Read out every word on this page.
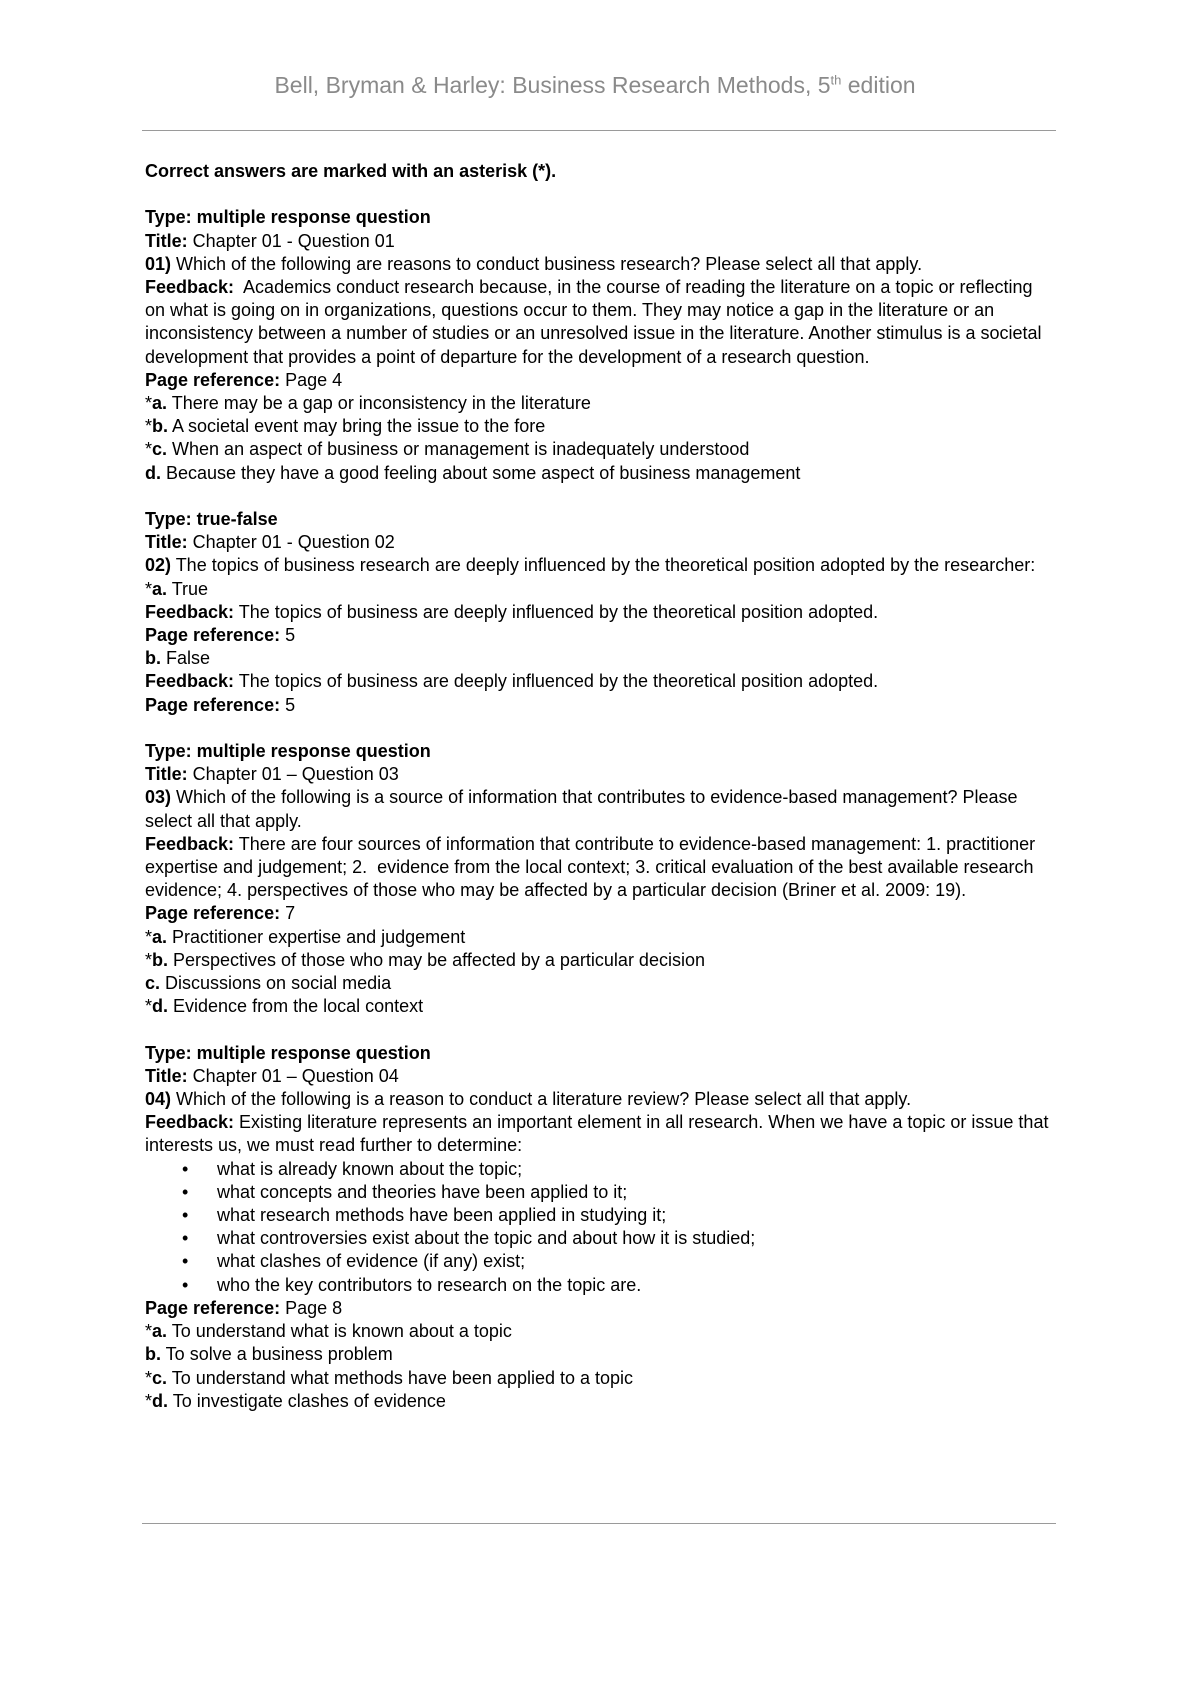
Bell, Bryman & Harley: Business Research Methods, 5th edition

Correct answers are marked with an asterisk (*).

Type: multiple response question

Title: Chapter 01 - Question 01

01) Which of the following are reasons to conduct business research? Please select all that apply.

Feedback:  Academics conduct research because, in the course of reading the literature on a topic or reflecting on what is going on in organizations, questions occur to them. They may notice a gap in the literature or an inconsistency between a number of studies or an unresolved issue in the literature. Another stimulus is a societal development that provides a point of departure for the development of a research question.

Page reference: Page 4

*a. There may be a gap or inconsistency in the literature

*b. A societal event may bring the issue to the fore

*c. When an aspect of business or management is inadequately understood

d. Because they have a good feeling about some aspect of business management

Type: true-false

Title: Chapter 01 - Question 02

02) The topics of business research are deeply influenced by the theoretical position adopted by the researcher:

*a. True

Feedback: The topics of business are deeply influenced by the theoretical position adopted.

Page reference: 5

b. False

Feedback: The topics of business are deeply influenced by the theoretical position adopted.

Page reference: 5

Type: multiple response question

Title: Chapter 01 – Question 03

03) Which of the following is a source of information that contributes to evidence-based management? Please select all that apply.

Feedback: There are four sources of information that contribute to evidence-based management: 1. practitioner expertise and judgement; 2.  evidence from the local context; 3. critical evaluation of the best available research evidence; 4. perspectives of those who may be affected by a particular decision (Briner et al. 2009: 19).

Page reference: 7

*a. Practitioner expertise and judgement

*b. Perspectives of those who may be affected by a particular decision

c. Discussions on social media

*d. Evidence from the local context

Type: multiple response question

Title: Chapter 01 – Question 04

04) Which of the following is a reason to conduct a literature review? Please select all that apply.

Feedback: Existing literature represents an important element in all research. When we have a topic or issue that interests us, we must read further to determine:

• what is already known about the topic;
• what concepts and theories have been applied to it;
• what research methods have been applied in studying it;
• what controversies exist about the topic and about how it is studied;
• what clashes of evidence (if any) exist;
• who the key contributors to research on the topic are.

Page reference: Page 8

*a. To understand what is known about a topic

b. To solve a business problem

*c. To understand what methods have been applied to a topic

*d. To investigate clashes of evidence
